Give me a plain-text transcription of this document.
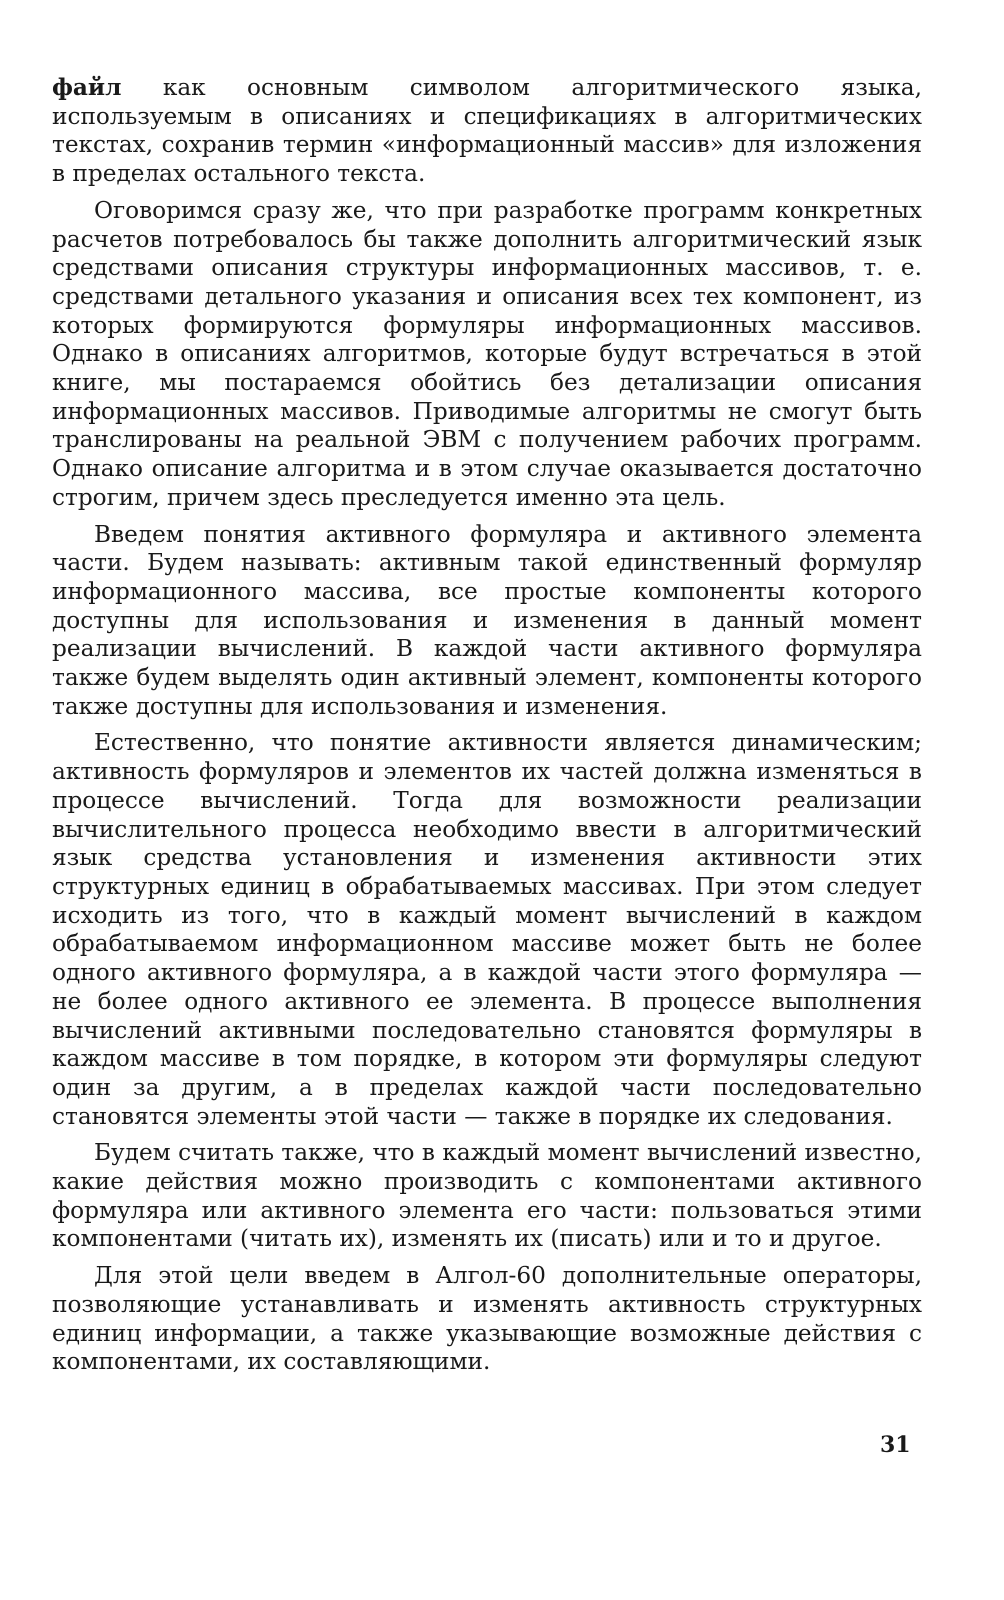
файл как основным символом алгоритмического языка, используемым в описаниях и спецификациях в алгоритмических текстах, сохранив термин «информационный массив» для изложения в пределах остального текста.

Оговоримся сразу же, что при разработке программ конкретных расчетов потребовалось бы также дополнить алгоритмический язык средствами описания структуры информационных массивов, т. е. средствами детального указания и описания всех тех компонент, из которых формируются формуляры информационных массивов. Однако в описаниях алгоритмов, которые будут встречаться в этой книге, мы постараемся обойтись без детализации описания информационных массивов. Приводимые алгоритмы не смогут быть транслированы на реальной ЭВМ с получением рабочих программ. Однако описание алгоритма и в этом случае оказывается достаточно строгим, причем здесь преследуется именно эта цель.

Введем понятия активного формуляра и активного элемента части. Будем называть: активным такой единственный формуляр информационного массива, все простые компоненты которого доступны для использования и изменения в данный момент реализации вычислений. В каждой части активного формуляра также будем выделять один активный элемент, компоненты которого также доступны для использования и изменения.

Естественно, что понятие активности является динамическим; активность формуляров и элементов их частей должна изменяться в процессе вычислений. Тогда для возможности реализации вычислительного процесса необходимо ввести в алгоритмический язык средства установления и изменения активности этих структурных единиц в обрабатываемых массивах. При этом следует исходить из того, что в каждый момент вычислений в каждом обрабатываемом информационном массиве может быть не более одного активного формуляра, а в каждой части этого формуляра — не более одного активного ее элемента. В процессе выполнения вычислений активными последовательно становятся формуляры в каждом массиве в том порядке, в котором эти формуляры следуют один за другим, а в пределах каждой части последовательно становятся элементы этой части — также в порядке их следования.

Будем считать также, что в каждый момент вычислений известно, какие действия можно производить с компонентами активного формуляра или активного элемента его части: пользоваться этими компонентами (читать их), изменять их (писать) или и то и другое.

Для этой цели введем в Алгол-60 дополнительные операторы, позволяющие устанавливать и изменять активность структурных единиц информации, а также указывающие возможные действия с компонентами, их составляющими.

31
